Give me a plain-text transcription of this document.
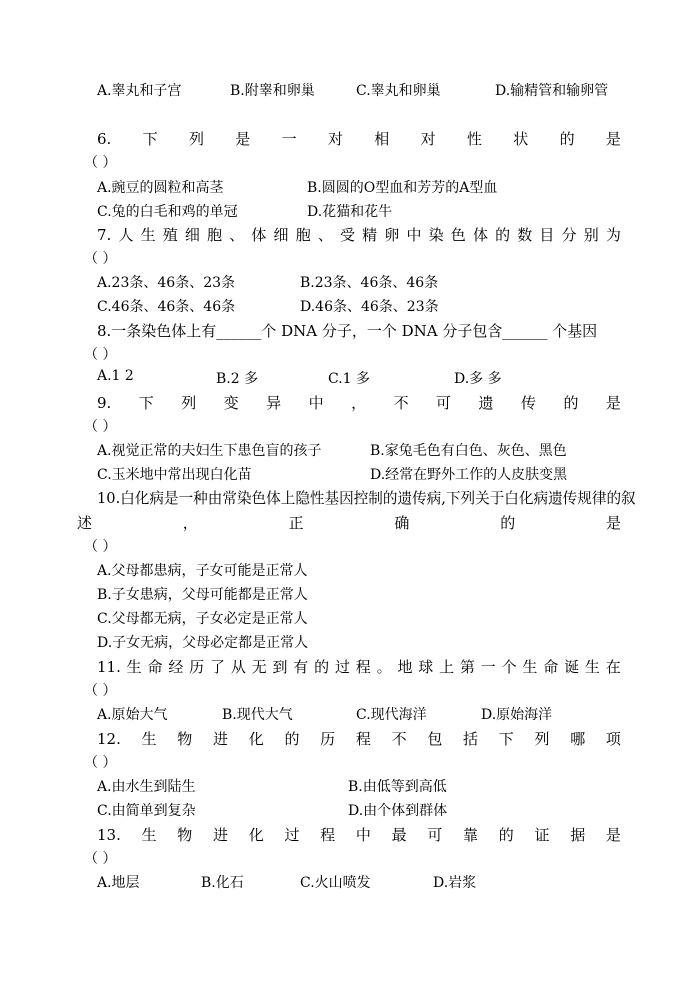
A.睾丸和子宫	B.附睾和卵巢	C.睾丸和卵巢	D.输精管和输卵管
6. 下 列 是 一 对 相 对 性 状 的 是
（ ）
A.豌豆的圆粒和高茎	B.圆圆的O型血和芳芳的A型血
C.兔的白毛和鸡的单冠	D.花猫和花牛
7. 人 生 殖 细 胞 、 体 细 胞 、 受 精 卵 中 染 色 体 的 数 目 分 别 为
（ ）
A.23条、46条、23条	B.23条、46条、46条
C.46条、46条、46条	D.46条、46条、23条
8.一条染色体上有______个 DNA 分子，一个 DNA 分子包含______ 个基因
（ ）
A.1 2	B.2 多	C.1 多	D.多 多
9. 下 列 变 异 中 ， 不 可 遗 传 的 是
（ ）
A.视觉正常的夫妇生下患色盲的孩子	B.家兔毛色有白色、灰色、黑色
C.玉米地中常出现白化苗	D.经常在野外工作的人皮肤变黑
10.白化病是一种由常染色体上隐性基因控制的遗传病,下列关于白化病遗传规律的叙
述	，	正	确	的	是
（ ）
A.父母都患病，子女可能是正常人
B.子女患病，父母可能都是正常人
C.父母都无病，子女必定是正常人
D.子女无病，父母必定都是正常人
11. 生 命 经 历 了 从 无 到 有 的 过 程 。 地 球 上 第 一 个 生 命 诞 生 在
（ ）
A.原始大气	B.现代大气	C.现代海洋	D.原始海洋
12. 生 物 进 化 的 历 程 不 包 括 下 列 哪 项
（ ）
A.由水生到陆生	B.由低等到高低
C.由简单到复杂	D.由个体到群体
13. 生 物 进 化 过 程 中 最 可 靠 的 证 据 是
（ ）
A.地层	B.化石	C.火山喷发	D.岩浆
